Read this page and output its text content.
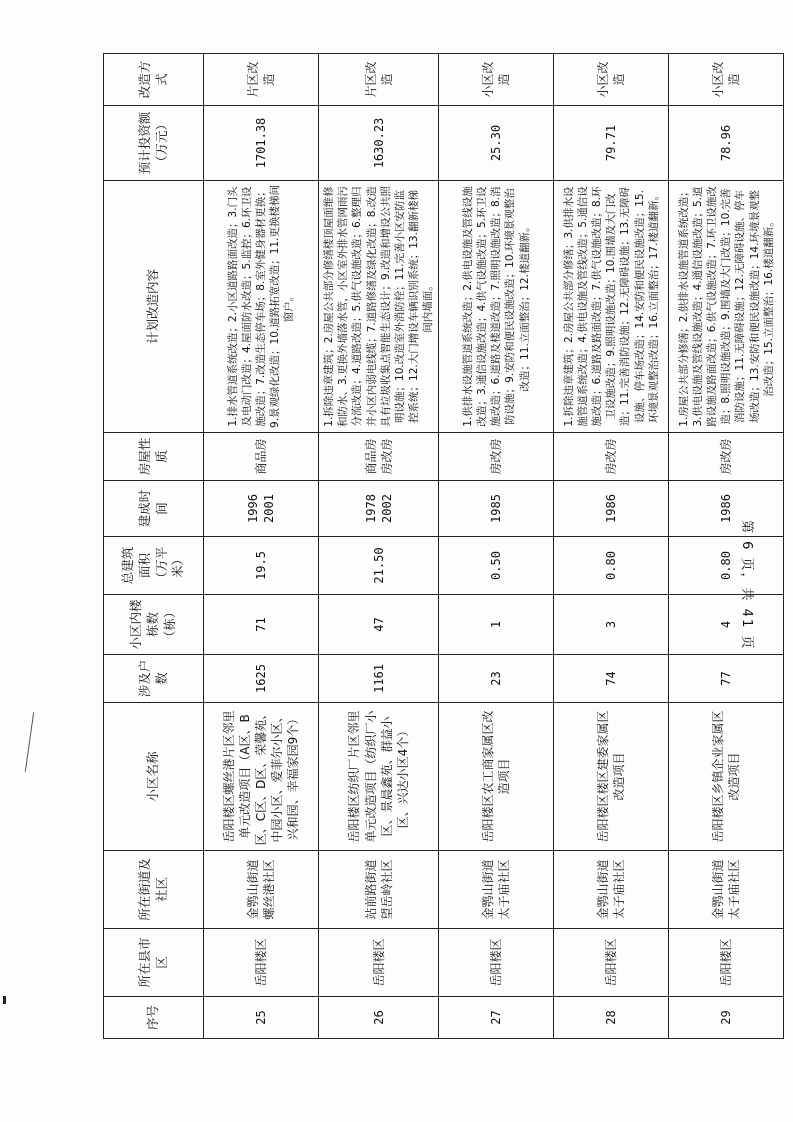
序号	所在县市区	所在街道及社区	小区名称	涉及户数	小区内楼栋数（栋）	总建筑面积（万平米）	建成时间	房屋性质	计划改造内容	预计投资额（万元）	改造方式
25	岳阳楼区	金鹗山街道螺丝港社区	岳阳楼区螺丝港片区邻里单元改造项目（A区、B区、C区、D区、荣馨苑、中园小区、爱菲尔小区、兴和园、幸福家园9个）	1625	71	19.5	1996 2001	商品房	1.排水管道系统改造；2.小区道路路面改造；3.门头及电动门改造；4.屋面防水改造；5.监控；6.环卫设施改造；7.改造生态停车场；8.室外健身器材更换；9.景观绿化改造；10.道路拓宽改造；11.更换楼梯间窗户。	1701.38	片区改造
26	岳阳楼区	站前路街道望岳岭社区	岳阳楼区纺织厂片区邻里单元改造项目（纺织厂小区、景晨鑫苑、群益小区、兴达小区4个）	1161	47	21.50	1978 2002	商品房房改房	1.拆除违章建筑；2.房屋公共部分修缮楼顶屋面维修和防水、3.更换外墙落水管，小区室外排水管网雨污分流改造；4.道路改造；5.供气设施改造；6.整理归并小区内弱电线缆；7.道路修缮及绿化改造；8.改造具有垃圾收集点智能生态设计；9.改造和增设公共照明设施；10.改造室外消防栓；11.完善小区安防监控系统；12.大门增设车辆识别系统；13.翻新楼梯间内墙面。	1630.23	片区改造
27	岳阳楼区	金鹗山街道太子庙社区	岳阳楼区农工商家属区改造项目	23	1	0.50	1985	房改房	1.供排水设施管道系统改造；2.供电设施及管线设施改造；3.通信设施改造；4.供气设施改造；5.环卫设施改造；6.道路及楼道改造；7.照明设施改造；8.消防设施；9.安防和便民设施改造；10.环境景观整治改造；11.立面整治；12.楼道翻新。	25.30	小区改造
28	岳阳楼区	金鹗山街道太子庙社区	岳阳楼区楼区建委家属区改造项目	74	3	0.80	1986	房改房	1.拆除违章建筑；2.房屋公共部分修缮；3.供排水设施管道系统改造；4.供电设施及管线改造；5.通信设施改造；6.道路及路面改造；7.供气设施改造；8.环卫设施改造；9.照明设施改造；10.围墙及大门改造；11.完善消防设施；12.无障碍设施；13.无障碍设施、停车场改造；14.安防和便民设施改造；15.环境景观整治改造；16.立面整治；17.楼道翻新。	79.71	小区改造
29	岳阳楼区	金鹗山街道太子庙社区	岳阳楼区乡镇企业家属区改造项目	77	4	0.80	1986	房改房	1.房屋公共部分修缮；2.供排水设施管道系统改造；3.供电设施及管线设施改造；4.通信设施改造；5.道路设施及路面改造；6.供气设施改造；7.环卫设施改造；8.照明设施改造；9.围墙及大门改造；10.完善消防设施；11.无障碍设施；12.无障碍设施、停车场改造；13.安防和便民设施改造；14.环境景观整治改造；15.立面整治；16.楼道翻新。	78.96	小区改造
第 6 页，共 41 页
